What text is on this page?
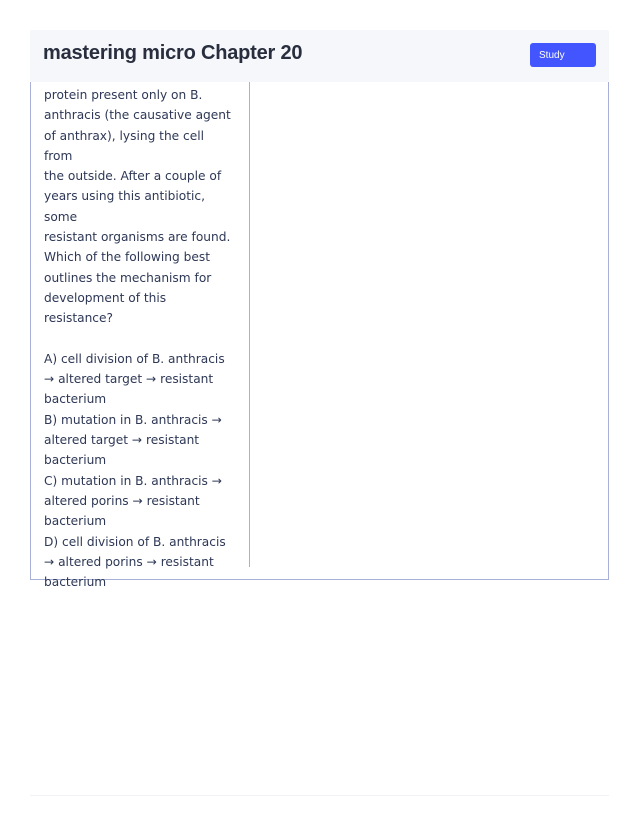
mastering micro Chapter 20	Study

protein present only on B.
anthracis (the causative agent
of anthrax), lysing the cell from
the outside. After a couple of
years using this antibiotic, some
resistant organisms are found.
Which of the following best
outlines the mechanism for
development of this
resistance?

A) cell division of B. anthracis
→ altered target → resistant
bacterium
B) mutation in B. anthracis →
altered target → resistant
bacterium
C) mutation in B. anthracis →
altered porins → resistant
bacterium
D) cell division of B. anthracis
→ altered porins → resistant
bacterium
